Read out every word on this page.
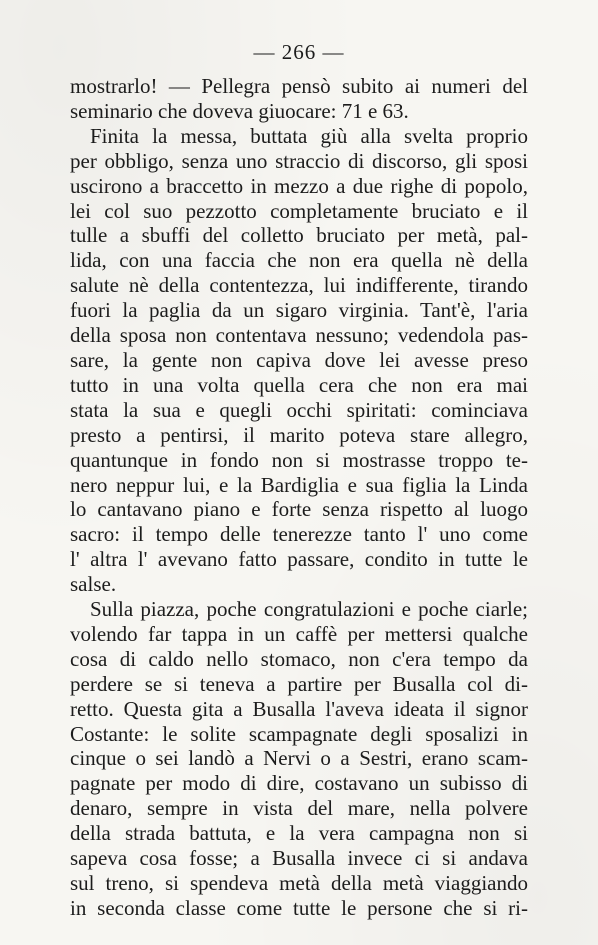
— 266 —
mostrarlo! — Pellegra pensò subito ai numeri del
seminario che doveva giuocare: 71 e 63.
Finita la messa, buttata giù alla svelta proprio
per obbligo, senza uno straccio di discorso, gli sposi
uscirono a braccetto in mezzo a due righe di popolo,
lei col suo pezzotto completamente bruciato e il
tulle a sbuffi del colletto bruciato per metà, pal-
lida, con una faccia che non era quella nè della
salute nè della contentezza, lui indifferente, tirando
fuori la paglia da un sigaro virginia. Tant'è, l'aria
della sposa non contentava nessuno; vedendola pas-
sare, la gente non capiva dove lei avesse preso
tutto in una volta quella cera che non era mai
stata la sua e quegli occhi spiritati: cominciava
presto a pentirsi, il marito poteva stare allegro,
quantunque in fondo non si mostrasse troppo te-
nero neppur lui, e la Bardiglia e sua figlia la Linda
lo cantavano piano e forte senza rispetto al luogo
sacro: il tempo delle tenerezze tanto l' uno come
l' altra l' avevano fatto passare, condito in tutte le
salse.
Sulla piazza, poche congratulazioni e poche ciarle;
volendo far tappa in un caffè per mettersi qualche
cosa di caldo nello stomaco, non c'era tempo da
perdere se si teneva a partire per Busalla col di-
retto. Questa gita a Busalla l'aveva ideata il signor
Costante: le solite scampagnate degli sposalizi in
cinque o sei landò a Nervi o a Sestri, erano scam-
pagnate per modo di dire, costavano un subisso di
denaro, sempre in vista del mare, nella polvere
della strada battuta, e la vera campagna non si
sapeva cosa fosse; a Busalla invece ci si andava
sul treno, si spendeva metà della metà viaggiando
in seconda classe come tutte le persone che si ri-
